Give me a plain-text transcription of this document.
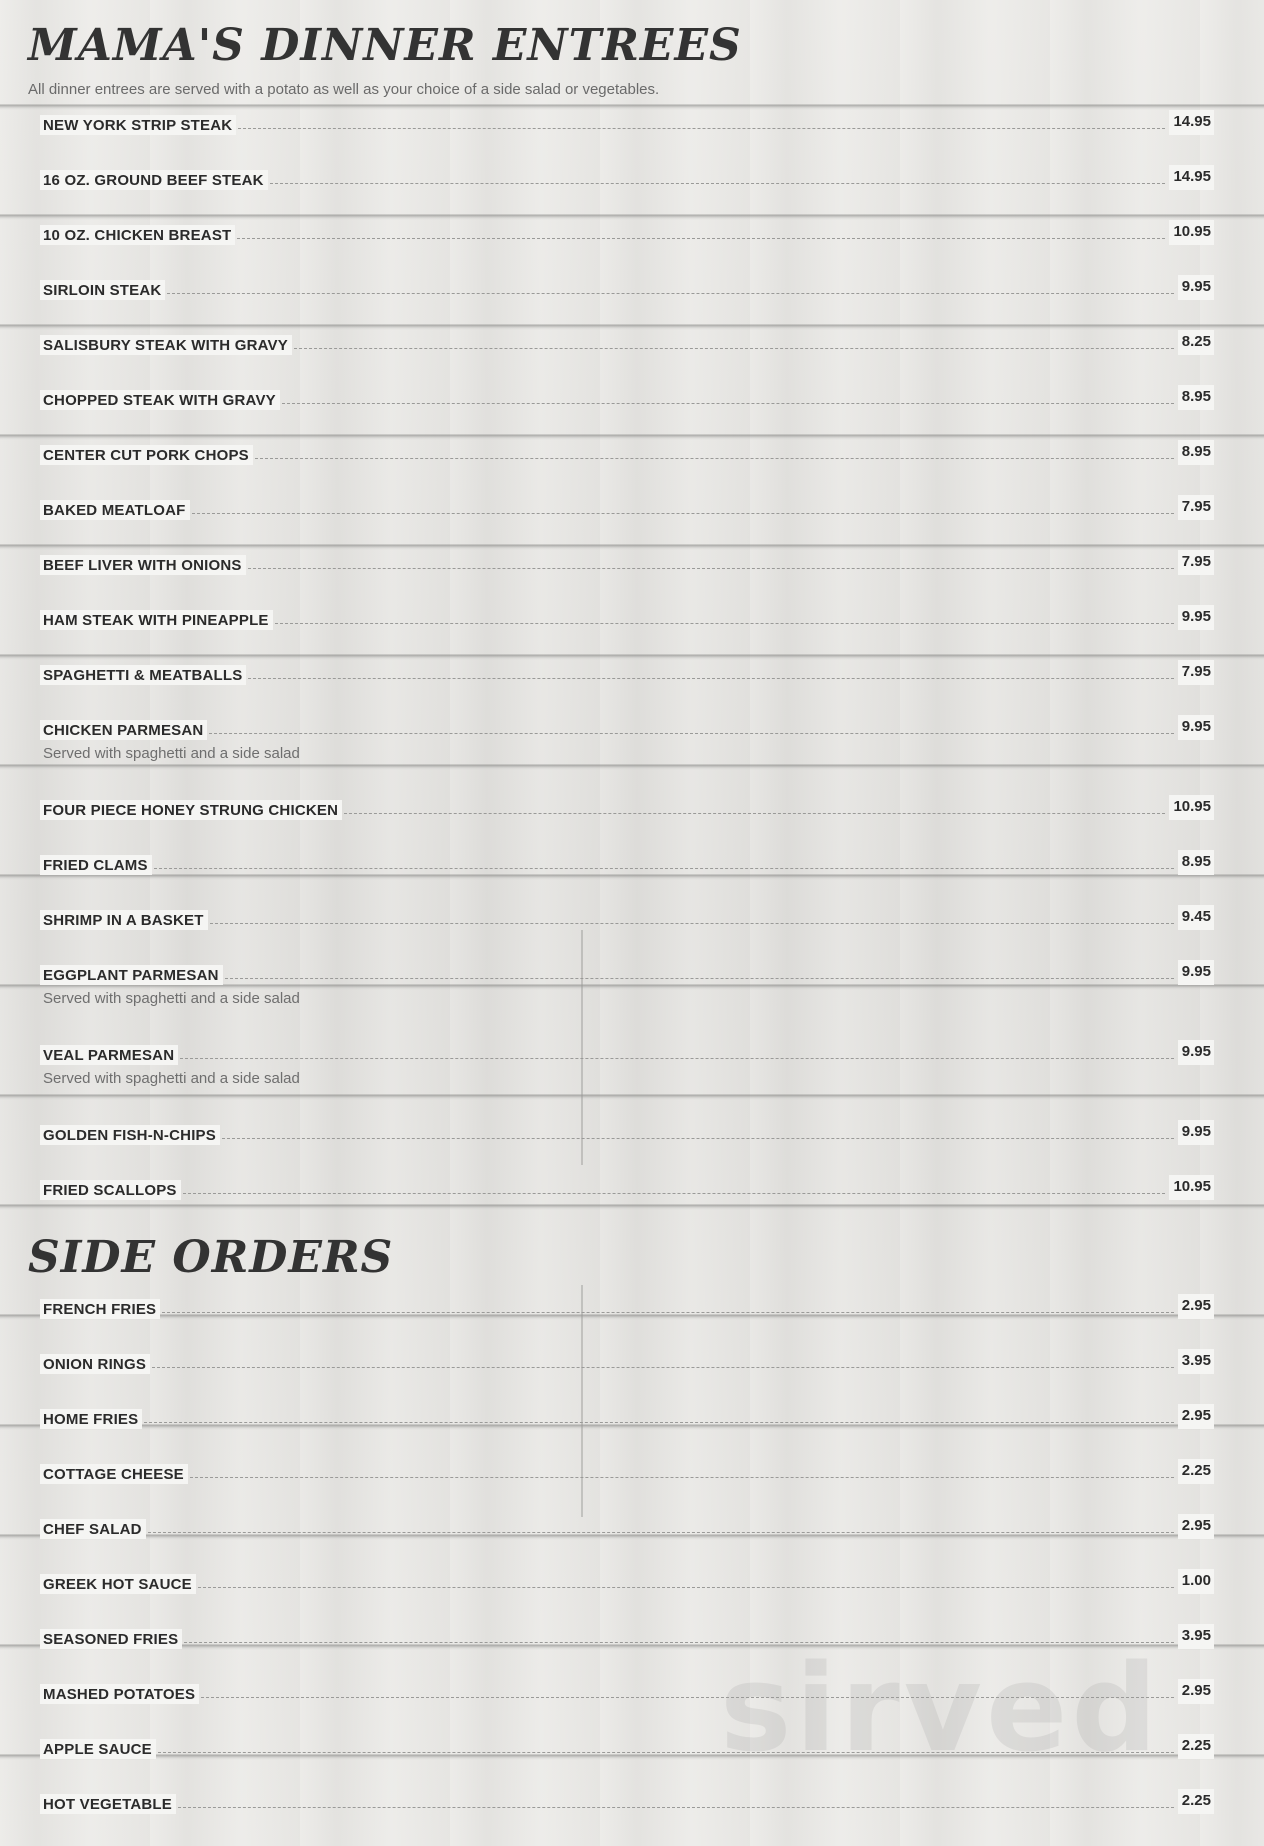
sirved
MAMA'S DINNER ENTREES
All dinner entrees are served with a potato as well as your choice of a side salad or vegetables.
NEW YORK STRIP STEAK	14.95
16 OZ. GROUND BEEF STEAK	14.95
10 OZ. CHICKEN BREAST	10.95
SIRLOIN STEAK	9.95
SALISBURY STEAK WITH GRAVY	8.25
CHOPPED STEAK WITH GRAVY	8.95
CENTER CUT PORK CHOPS	8.95
BAKED MEATLOAF	7.95
BEEF LIVER WITH ONIONS	7.95
HAM STEAK WITH PINEAPPLE	9.95
SPAGHETTI & MEATBALLS	7.95
CHICKEN PARMESAN	9.95
Served with spaghetti and a side salad
FOUR PIECE HONEY STRUNG CHICKEN	10.95
FRIED CLAMS	8.95
SHRIMP IN A BASKET	9.45
EGGPLANT PARMESAN	9.95
Served with spaghetti and a side salad
VEAL PARMESAN	9.95
Served with spaghetti and a side salad
GOLDEN FISH-N-CHIPS	9.95
FRIED SCALLOPS	10.95
SIDE ORDERS
FRENCH FRIES	2.95
ONION RINGS	3.95
HOME FRIES	2.95
COTTAGE CHEESE	2.25
CHEF SALAD	2.95
GREEK HOT SAUCE	1.00
SEASONED FRIES	3.95
MASHED POTATOES	2.95
APPLE SAUCE	2.25
HOT VEGETABLE	2.25
